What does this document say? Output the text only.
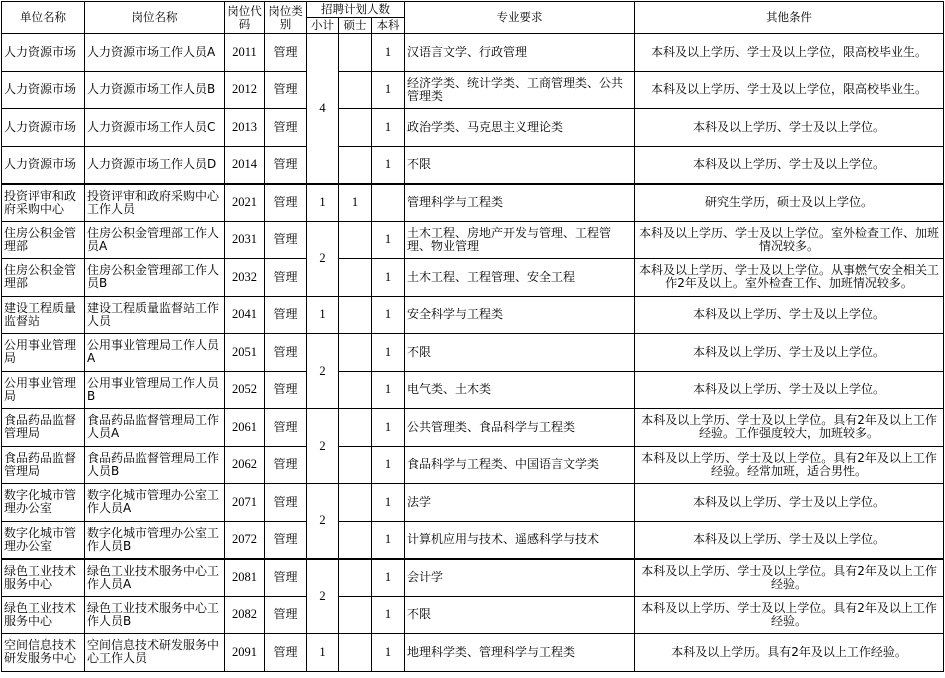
单位名称	岗位名称	岗位代码	岗位类别	招聘计划人数			专业要求	其他条件
				小计	硕士	本科		
人力资源市场	人力资源市场工作人员A	2011	管理	4		1	汉语言文学、行政管理	本科及以上学历、学士及以上学位，限高校毕业生。
人力资源市场	人力资源市场工作人员B	2012	管理			1	经济学类、统计学类、工商管理类、公共管理类	本科及以上学历、学士及以上学位，限高校毕业生。
人力资源市场	人力资源市场工作人员C	2013	管理			1	政治学类、马克思主义理论类	本科及以上学历、学士及以上学位。
人力资源市场	人力资源市场工作人员D	2014	管理			1	不限	本科及以上学历、学士及以上学位。
投资评审和政府采购中心	投资评审和政府采购中心工作人员	2021	管理	1	1		管理科学与工程类	研究生学历，硕士及以上学位。
住房公积金管理部	住房公积金管理部工作人员A	2031	管理	2		1	土木工程、房地产开发与管理、工程管理、物业管理	本科及以上学历、学士及以上学位。室外检查工作、加班情况较多。
住房公积金管理部	住房公积金管理部工作人员B	2032	管理			1	土木工程、工程管理、安全工程	本科及以上学历、学士及以上学位。从事燃气安全相关工作2年及以上。室外检查工作、加班情况较多。
建设工程质量监督站	建设工程质量监督站工作人员	2041	管理	1		1	安全科学与工程类	本科及以上学历、学士及以上学位。
公用事业管理局	公用事业管理局工作人员A	2051	管理	2		1	不限	本科及以上学历、学士及以上学位。
公用事业管理局	公用事业管理局工作人员B	2052	管理			1	电气类、土木类	本科及以上学历、学士及以上学位。
食品药品监督管理局	食品药品监督管理局工作人员A	2061	管理	2		1	公共管理类、食品科学与工程类	本科及以上学历、学士及以上学位。具有2年及以上工作经验。工作强度较大，加班较多。
食品药品监督管理局	食品药品监督管理局工作人员B	2062	管理			1	食品科学与工程类、中国语言文学类	本科及以上学历、学士及以上学位。具有2年及以上工作经验。经常加班，适合男性。
数字化城市管理办公室	数字化城市管理办公室工作人员A	2071	管理	2		1	法学	本科及以上学历、学士及以上学位。
数字化城市管理办公室	数字化城市管理办公室工作人员B	2072	管理			1	计算机应用与技术、遥感科学与技术	本科及以上学历、学士及以上学位。
绿色工业技术服务中心	绿色工业技术服务中心工作人员A	2081	管理	2		1	会计学	本科及以上学历、学士及以上学位。具有2年及以上工作经验。
绿色工业技术服务中心	绿色工业技术服务中心工作人员B	2082	管理			1	不限	本科及以上学历、学士及以上学位。具有2年及以上工作经验。
空间信息技术研发服务中心	空间信息技术研发服务中心工作人员	2091	管理	1		1	地理科学类、管理科学与工程类	本科及以上学历。具有2年及以上工作经验。
